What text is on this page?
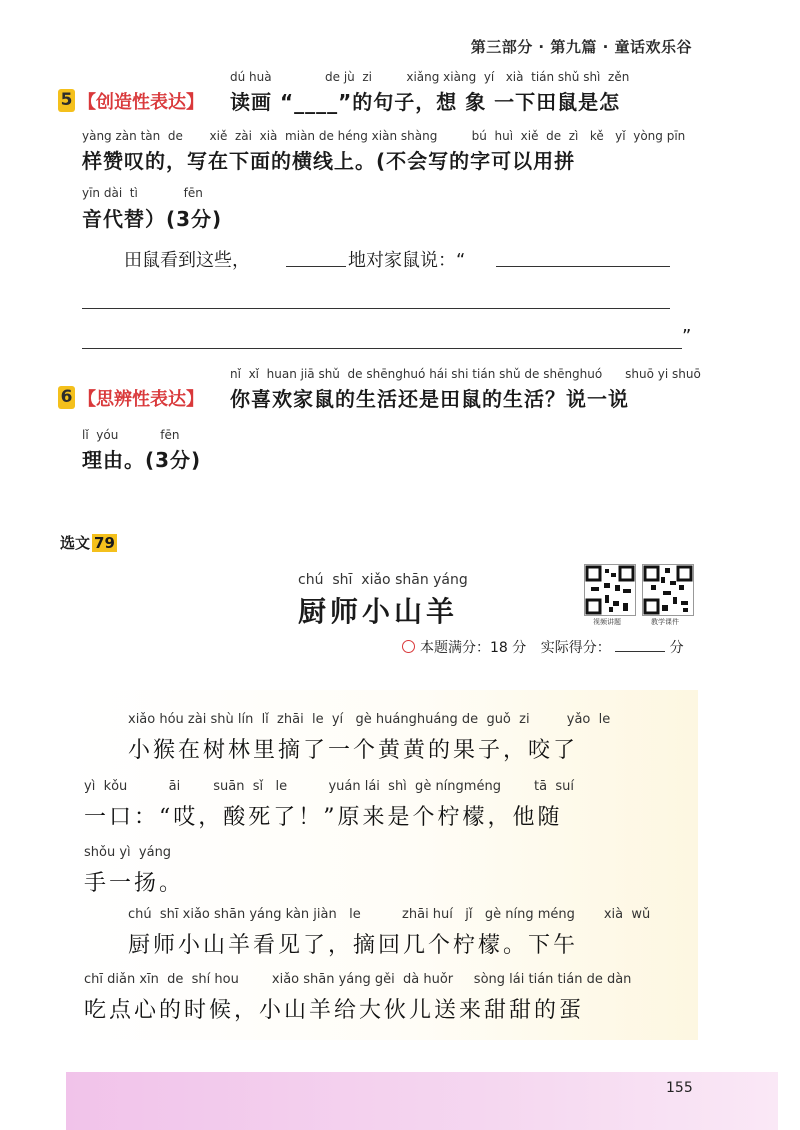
第三部分 · 第九篇 · 童话欢乐谷
5 【创造性表达】
dú huà              de jù  zi         xiǎng xiàng  yí   xià  tián shǔ shì  zěn
读画 “____”的句子，想 象 一下田鼠是怎
yàng zàn tàn  de       xiě  zài  xià  miàn de héng xiàn shàng         bú  huì  xiě  de  zì   kě   yǐ  yòng pīn
样赞叹的，写在下面的横线上。(不会写的字可以用拼
yīn dài  tì            fēn
音代替）(3分)
田鼠看到这些，	地对家鼠说：“
”
6 【思辨性表达】
nǐ  xǐ  huan jiā shǔ  de shēnghuó hái shi tián shǔ de shēnghuó      shuō yi shuō
你喜欢家鼠的生活还是田鼠的生活？说一说
lǐ  yóu           fēn
理由。(3分)
选文 79
chú  shī  xiǎo shān yáng
厨师小山羊	视频讲题	教学课件
本题满分：18 分 实际得分：	分
xiǎo hóu zài shù lín  lǐ  zhāi  le  yí   gè huánghuáng de  guǒ  zi         yǎo  le
小猴在树林里摘了一个黄黄的果子，咬了
yì  kǒu          āi        suān  sǐ   le          yuán lái  shì  gè níngméng        tā  suí
一口：“哎，酸死了！”原来是个柠檬，他随
shǒu yì  yáng
手一扬。
chú  shī xiǎo shān yáng kàn jiàn   le          zhāi huí   jǐ   gè níng méng       xià  wǔ
厨师小山羊看见了，摘回几个柠檬。下午
chī diǎn xīn  de  shí hou        xiǎo shān yáng gěi  dà huǒr     sòng lái tián tián de dàn
吃点心的时候，小山羊给大伙儿送来甜甜的蛋
155
